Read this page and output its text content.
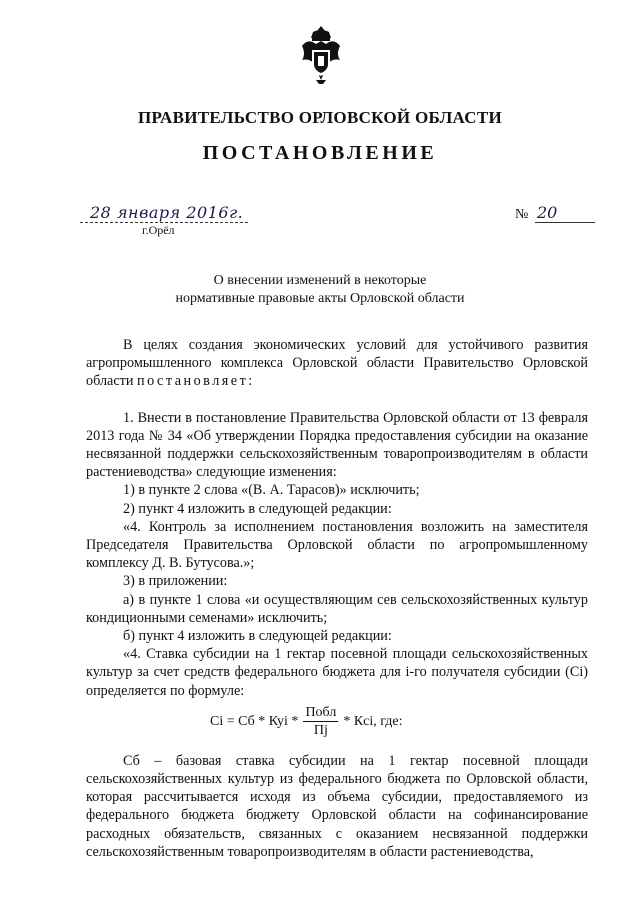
ПРАВИТЕЛЬСТВО ОРЛОВСКОЙ ОБЛАСТИ
ПОСТАНОВЛЕНИЕ
28 января 2016г.
г.Орёл
№ 20
О внесении изменений в некоторые
нормативные правовые акты Орловской области

В целях создания экономических условий для устойчивого развития агропромышленного комплекса Орловской области Правительство Орловской области постановляет:

1. Внести в постановление Правительства Орловской области от 13 февраля 2013 года № 34 «Об утверждении Порядка предоставления субсидии на оказание несвязанной поддержки сельскохозяйственным товаропроизводителям в области растениеводства» следующие изменения:

1) в пункте 2 слова «(В. А. Тарасов)» исключить;

2) пункт 4 изложить в следующей редакции:

«4. Контроль за исполнением постановления возложить на заместителя Председателя Правительства Орловской области по агропромышленному комплексу Д. В. Бутусова.»;

3) в приложении:

а) в пункте 1 слова «и осуществляющим сев сельскохозяйственных культур кондиционными семенами» исключить;

б) пункт 4 изложить в следующей редакции:

«4. Ставка субсидии на 1 гектар посевной площади сельскохозяйственных культур за счет средств федерального бюджета для i-го получателя субсидии (Сi) определяется по формуле:

Сi = Сб * Куi * $\frac{\text{Побл}}{Пj}$ * Кci , где:

Сб – базовая ставка субсидии на 1 гектар посевной площади сельскохозяйственных культур из федерального бюджета по Орловской области, которая рассчитывается исходя из объема субсидии, предоставляемого из федерального бюджета бюджету Орловской области на софинансирование расходных обязательств, связанных с оказанием несвязанной поддержки сельскохозяйственным товаропроизводителям в области растениеводства,
